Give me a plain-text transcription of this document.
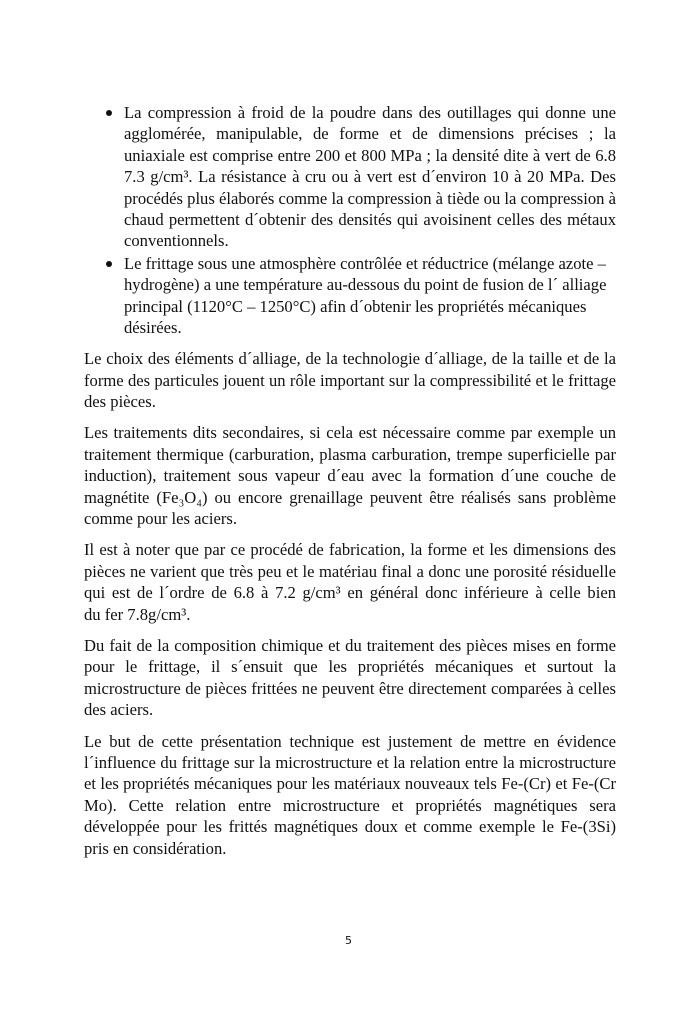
La compression à froid de la poudre dans des outillages qui donne une
agglomérée, manipulable, de forme et de dimensions précises ; la
uniaxiale est comprise entre 200 et 800 MPa ; la densité dite à vert de 6.8
7.3 g/cm³. La résistance à cru ou à vert est d´environ 10 à 20 MPa. Des
procédés plus élaborés comme la compression à tiède ou la compression à
chaud permettent d´obtenir des densités qui avoisinent celles des métaux
conventionnels.
Le frittage sous une atmosphère contrôlée et réductrice (mélange azote –
hydrogène) a une température au-dessous du point de fusion de l´ alliage
principal (1120°C – 1250°C) afin d´obtenir les propriétés mécaniques
désirées.
Le choix des éléments d´alliage, de la technologie d´alliage, de la taille et de la
forme des particules jouent un rôle important sur la compressibilité et le frittage
des pièces.
Les traitements dits secondaires, si cela est nécessaire comme par exemple un
traitement thermique (carburation, plasma carburation, trempe superficielle par
induction), traitement sous vapeur d´eau avec la formation d´une couche de
magnétite (Fe₃O₄) ou encore grenaillage peuvent être réalisés sans problème
comme pour les aciers.
Il est à noter que par ce procédé de fabrication, la forme et les dimensions des
pièces ne varient que très peu et le matériau final a donc une porosité résiduelle
qui est de l´ordre de 6.8 à 7.2 g/cm³ en général donc inférieure à celle bien
du fer 7.8g/cm³.
Du fait de la composition chimique et du traitement des pièces mises en forme
pour le frittage, il s´ensuit que les propriétés mécaniques et surtout la
microstructure de pièces frittées ne peuvent être directement comparées à celles
des aciers.
Le but de cette présentation technique est justement de mettre en évidence
l´influence du frittage sur la microstructure et la relation entre la microstructure
et les propriétés mécaniques pour les matériaux nouveaux tels Fe-(Cr) et Fe-(Cr
Mo). Cette relation entre microstructure et propriétés magnétiques sera
développée pour les frittés magnétiques doux et comme exemple le Fe-(3Si)
pris en considération.
5
